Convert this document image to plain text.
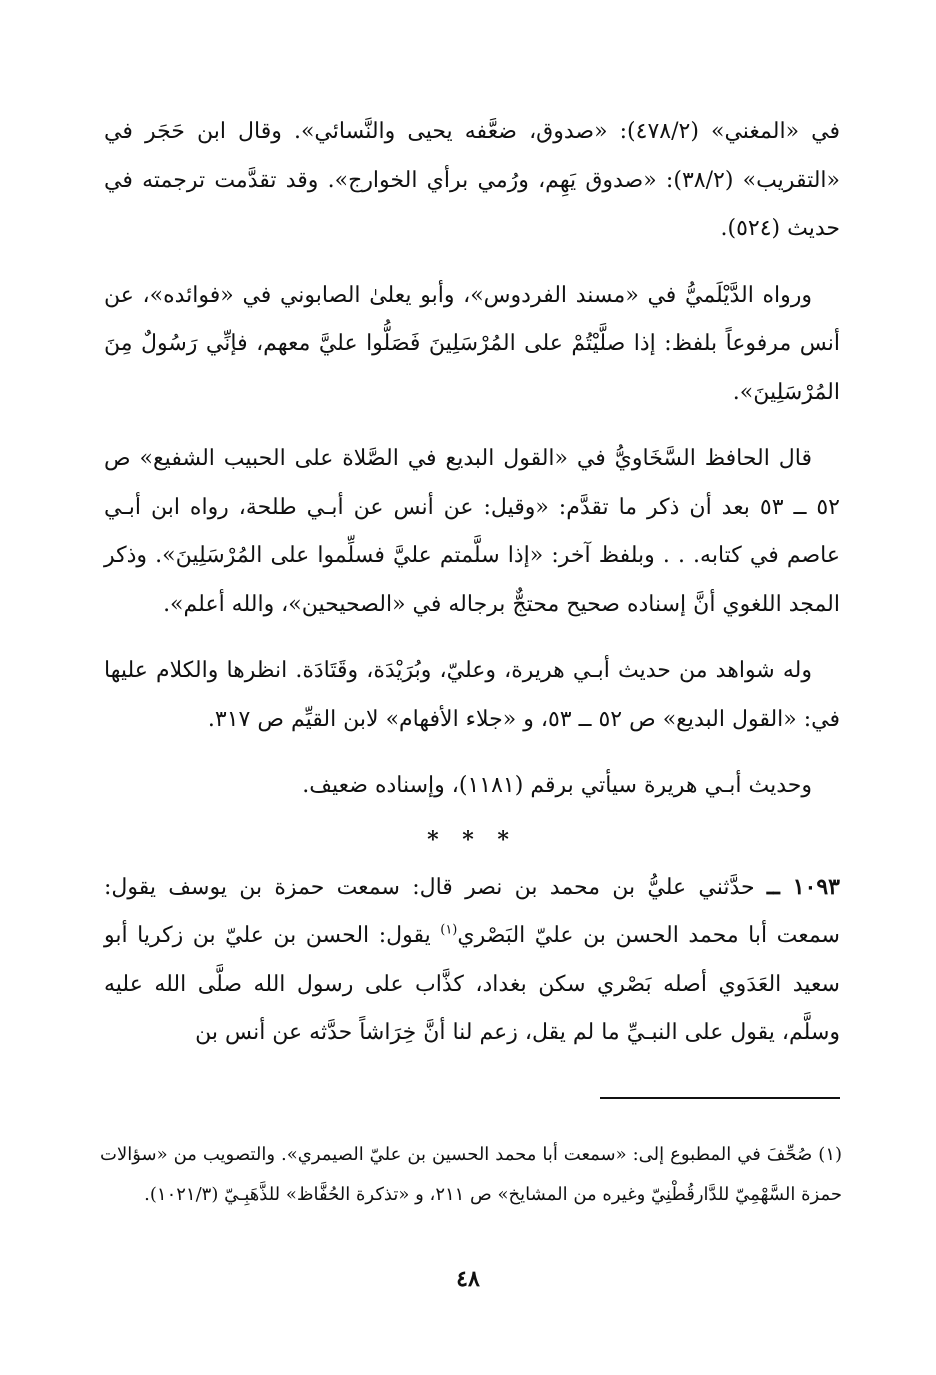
في «المغني» (٤٧٨/٢): «صدوق، ضعَّفه يحيى والنَّسائي». وقال ابن حَجَر في «التقريب» (٣٨/٢): «صدوق يَهِم، ورُمي برأي الخوارج». وقد تقدَّمت ترجمته في حديث (٥٢٤).

ورواه الدَّيْلَميُّ في «مسند الفردوس»، وأبو يعلىٰ الصابوني في «فوائده»، عن أنس مرفوعاً بلفظ: إذا صلَّيْتُمْ على المُرْسَلِينَ فَصَلُّوا عليَّ معهم، فإنِّي رَسُولٌ مِنَ المُرْسَلِينَ».

قال الحافظ السَّخَاويُّ في «القول البديع في الصَّلاة على الحبيب الشفيع» ص ٥٢ ــ ٥٣ بعد أن ذكر ما تقدَّم: «وقيل: عن أنس عن أبـي طلحة، رواه ابن أبـي عاصم في كتابه. . . وبلفظ آخر: «إذا سلَّمتم عليَّ فسلِّموا على المُرْسَلِينَ». وذكر المجد اللغوي أنَّ إسناده صحيح محتجٌّ برجاله في «الصحيحين»، والله أعلم».

وله شواهد من حديث أبـي هريرة، وعليّ، وبُرَيْدَة، وقَتَادَة. انظرها والكلام عليها في: «القول البديع» ص ٥٢ ــ ٥٣، و «جلاء الأفهام» لابن القيِّم ص ٣١٧.

وحديث أبـي هريرة سيأتي برقم (١١٨١)، وإسناده ضعيف.

* * *

١٠٩٣ ــ حدَّثني عليُّ بن محمد بن نصر قال: سمعت حمزة بن يوسف يقول: سمعت أبا محمد الحسن بن عليّ البَصْري$^{(١)}$ يقول: الحسن بن عليّ بن زكريا أبو سعيد العَدَوي أصله بَصْري سكن بغداد، كذَّاب على رسول الله صلَّى الله عليه وسلَّم، يقول على النبـيِّ ما لم يقل، زعم لنا أنَّ خِرَاشاً حدَّثه عن أنس بن

(١) صُحِّفَ في المطبوع إلى: «سمعت أبا محمد الحسين بن عليّ الصيمري». والتصويب من «سؤالات حمزة السَّهْمِيّ للدَّارقُطْنِيّ وغيره من المشايخ» ص ٢١١، و «تذكرة الحُفَّاظ» للذَّهَبِـيّ (١٠٢١/٣).

٤٨
